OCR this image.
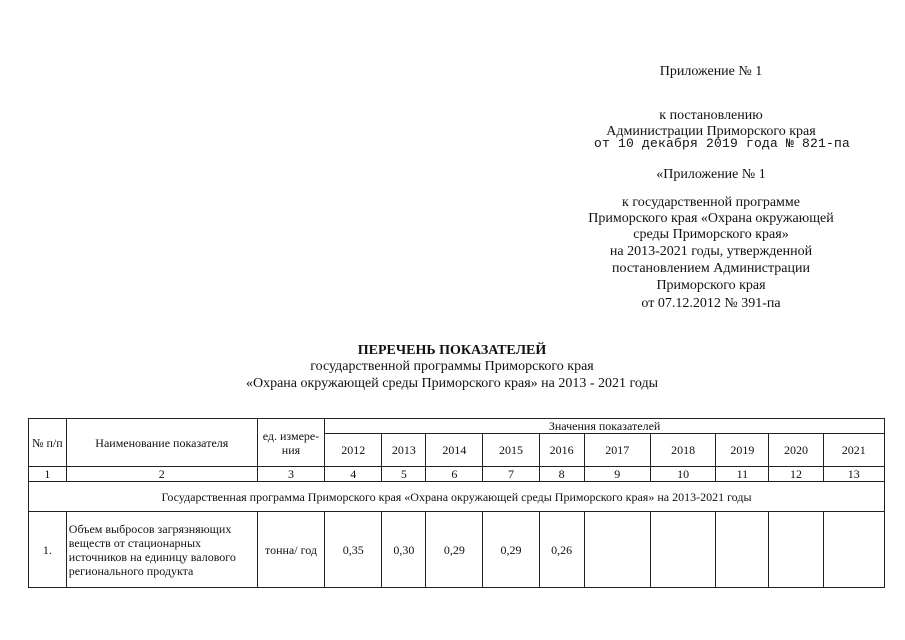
Приложение № 1
к постановлению
Администрации Приморского края
от 10 декабря 2019 года № 821-па
«Приложение № 1
к государственной программе
Приморского края «Охрана окружающей
среды Приморского края»
на 2013-2021 годы, утвержденной
постановлением Администрации
Приморского края
от 07.12.2012 № 391-па
ПЕРЕЧЕНЬ ПОКАЗАТЕЛЕЙ
государственной программы Приморского края
«Охрана окружающей среды Приморского края» на 2013 - 2021 годы
№ п/п	Наименование показателя	ед. измере-ния	Значения показателей									
			2012	2013	2014	2015	2016	2017	2018	2019	2020	2021
1	2	3	4	5	6	7	8	9	10	11	12	13
Государственная программа Приморского края «Охрана окружающей среды Приморского края» на 2013-2021 годы												
1.	Объем выбросов загрязняющих веществ от стационарных источников на единицу валового регионального продукта	тонна/ год	0,35	0,30	0,29	0,29	0,26					
